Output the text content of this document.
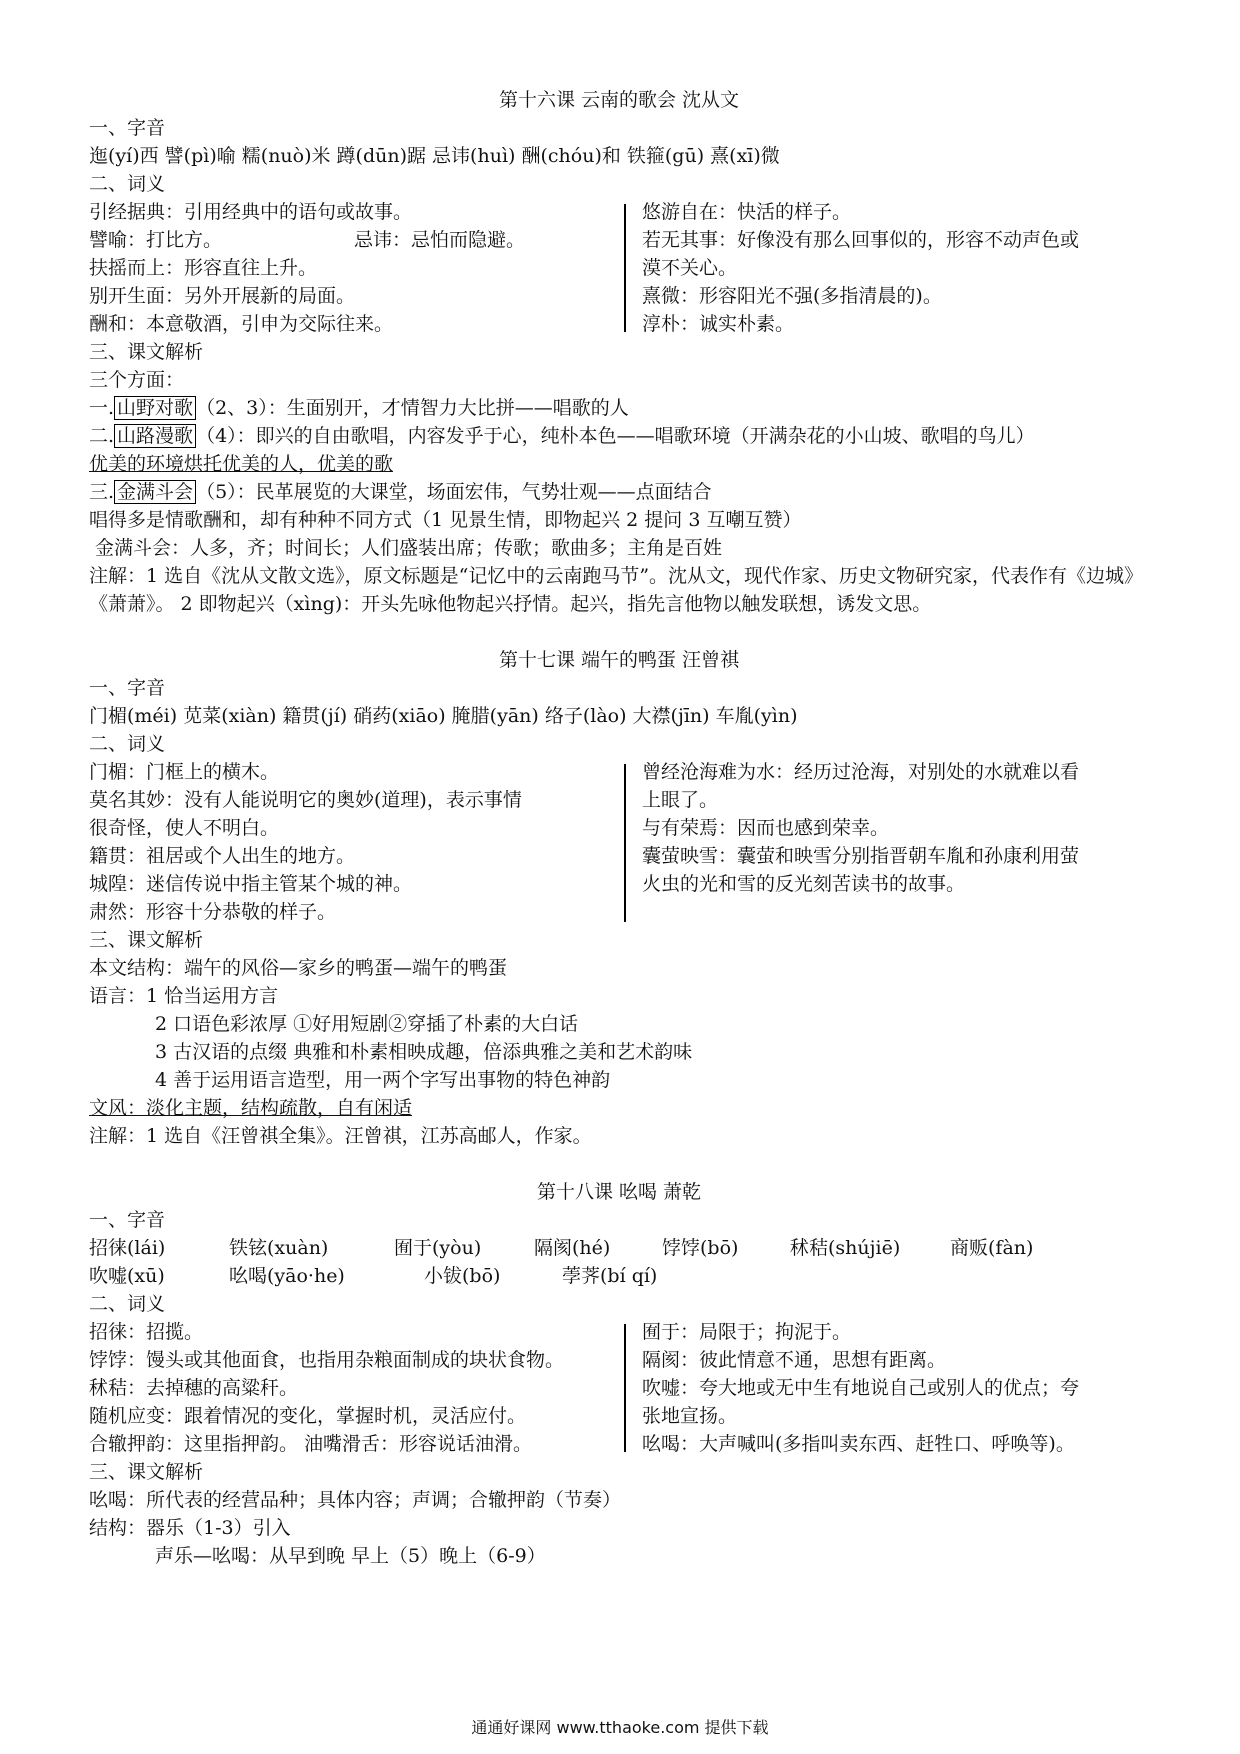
第十六课 云南的歌会 沈从文
一、字音
迤(yí)西 譬(pì)喻 糯(nuò)米 蹲(dūn)踞 忌讳(huì) 酬(chóu)和 铁箍(gū) 熹(xī)微
二、词义
引经据典：引用经典中的语句或故事。
譬喻：打比方。	忌讳：忌怕而隐避。
扶摇而上：形容直往上升。
别开生面：另外开展新的局面。
酬和：本意敬酒，引申为交际往来。
悠游自在：快活的样子。
若无其事：好像没有那么回事似的，形容不动声色或
漠不关心。
熹微：形容阳光不强(多指清晨的)。
淳朴：诚实朴素。
三、课文解析
三个方面：
一. 山野对歌 （2、3）：生面别开，才情智力大比拼——唱歌的人
二. 山路漫歌 （4）：即兴的自由歌唱，内容发乎于心，纯朴本色——唱歌环境（开满杂花的小山坡、歌唱的鸟儿）
优美的环境烘托优美的人，优美的歌
三. 金满斗会 （5）：民革展览的大课堂，场面宏伟，气势壮观——点面结合
唱得多是情歌酬和，却有种种不同方式（1 见景生情，即物起兴 2 提问 3 互嘲互赞）
金满斗会：人多，齐；时间长；人们盛装出席；传歌；歌曲多；主角是百姓
注解：1 选自《沈从文散文选》，原文标题是“记忆中的云南跑马节”。沈从文，现代作家、历史文物研究家，代表作有《边城》《萧萧》。 2 即物起兴（xìng)：开头先咏他物起兴抒情。起兴，指先言他物以触发联想，诱发文思。
第十七课 端午的鸭蛋 汪曾祺
一、字音
门楣(méi) 苋菜(xiàn) 籍贯(jí) 硝药(xiāo) 腌腊(yān) 络子(lào) 大襟(jīn) 车胤(yìn)
二、词义
门楣：门框上的横木。
莫名其妙：没有人能说明它的奥妙(道理)，表示事情
很奇怪，使人不明白。
籍贯：祖居或个人出生的地方。
城隍：迷信传说中指主管某个城的神。
肃然：形容十分恭敬的样子。
曾经沧海难为水：经历过沧海，对别处的水就难以看
上眼了。
与有荣焉：因而也感到荣幸。
囊萤映雪：囊萤和映雪分别指晋朝车胤和孙康利用萤
火虫的光和雪的反光刻苦读书的故事。
三、课文解析
本文结构：端午的风俗—家乡的鸭蛋—端午的鸭蛋
语言：1 恰当运用方言
2 口语色彩浓厚 ①好用短剧②穿插了朴素的大白话
3 古汉语的点缀 典雅和朴素相映成趣，倍添典雅之美和艺术韵味
4 善于运用语言造型，用一两个字写出事物的特色神韵
文风：淡化主题，结构疏散，自有闲适
注解：1 选自《汪曾祺全集》。汪曾祺，江苏高邮人，作家。
第十八课 吆喝 萧乾
一、字音
招徕(lái)	铁铉(xuàn)	囿于(yòu)	隔阂(hé)	饽饽(bō)	秫秸(shújiē)	商贩(fàn)
吹嘘(xū)	吆喝(yāo·he)	小钹(bō)	荸荠(bí qí)
二、词义
招徕：招揽。
饽饽：馒头或其他面食，也指用杂粮面制成的块状食物。
秫秸：去掉穗的高粱秆。
随机应变：跟着情况的变化，掌握时机，灵活应付。
合辙押韵：这里指押韵。 油嘴滑舌：形容说话油滑。
囿于：局限于；拘泥于。
隔阂：彼此情意不通，思想有距离。
吹嘘：夸大地或无中生有地说自己或别人的优点；夸
张地宣扬。
吆喝：大声喊叫(多指叫卖东西、赶牲口、呼唤等)。
三、课文解析
吆喝：所代表的经营品种；具体内容；声调；合辙押韵（节奏）
结构：器乐（1-3）引入
声乐—吆喝：从早到晚 早上（5）晚上（6-9）
通通好课网 www.tthaoke.com 提供下载
